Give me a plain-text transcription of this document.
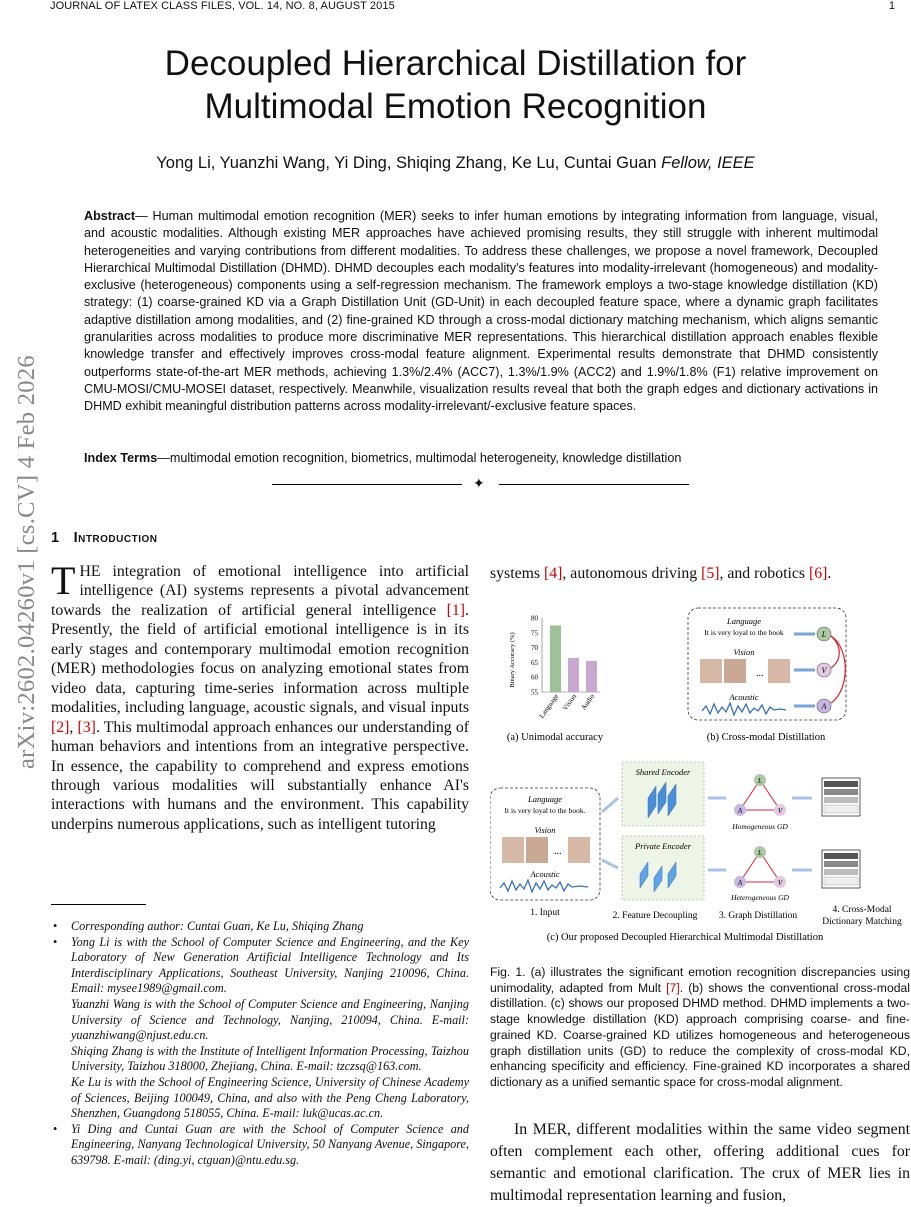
JOURNAL OF LATEX CLASS FILES, VOL. 14, NO. 8, AUGUST 2015	1
Decoupled Hierarchical Distillation for
Multimodal Emotion Recognition
Yong Li, Yuanzhi Wang, Yi Ding, Shiqing Zhang, Ke Lu, Cuntai Guan Fellow, IEEE
Abstract— Human multimodal emotion recognition (MER) seeks to infer human emotions by integrating information from language, visual, and acoustic modalities. Although existing MER approaches have achieved promising results, they still struggle with inherent multimodal heterogeneities and varying contributions from different modalities. To address these challenges, we propose a novel framework, Decoupled Hierarchical Multimodal Distillation (DHMD). DHMD decouples each modality's features into modality-irrelevant (homogeneous) and modality-exclusive (heterogeneous) components using a self-regression mechanism. The framework employs a two-stage knowledge distillation (KD) strategy: (1) coarse-grained KD via a Graph Distillation Unit (GD-Unit) in each decoupled feature space, where a dynamic graph facilitates adaptive distillation among modalities, and (2) fine-grained KD through a cross-modal dictionary matching mechanism, which aligns semantic granularities across modalities to produce more discriminative MER representations. This hierarchical distillation approach enables flexible knowledge transfer and effectively improves cross-modal feature alignment. Experimental results demonstrate that DHMD consistently outperforms state-of-the-art MER methods, achieving 1.3%/2.4% (ACC7), 1.3%/1.9% (ACC2) and 1.9%/1.8% (F1) relative improvement on CMU-MOSI/CMU-MOSEI dataset, respectively. Meanwhile, visualization results reveal that both the graph edges and dictionary activations in DHMD exhibit meaningful distribution patterns across modality-irrelevant/-exclusive feature spaces.
Index Terms—multimodal emotion recognition, biometrics, multimodal heterogeneity, knowledge distillation
✦
arXiv:2602.04260v1 [cs.CV] 4 Feb 2026 1 Introduction
THE integration of emotional intelligence into artificial intelligence (AI) systems represents a pivotal advancement towards the realization of artificial general intelligence [1]. Presently, the field of artificial emotional intelligence is in its early stages and contemporary multimodal emotion recognition (MER) methodologies focus on analyzing emotional states from video data, capturing time-series information across multiple modalities, including language, acoustic signals, and visual inputs [2], [3]. This multimodal approach enhances our understanding of human behaviors and intentions from an integrative perspective. In essence, the capability to comprehend and express emotions through various modalities will substantially enhance AI's interactions with humans and the environment. This capability underpins numerous applications, such as intelligent tutoring
• Corresponding author: Cuntai Guan, Ke Lu, Shiqing Zhang
• Yong Li is with the School of Computer Science and Engineering, and the Key Laboratory of New Generation Artificial Intelligence Technology and Its Interdisciplinary Applications, Southeast University, Nanjing 210096, China. Email: mysee1989@gmail.com.
Yuanzhi Wang is with the School of Computer Science and Engineering, Nanjing University of Science and Technology, Nanjing, 210094, China. E-mail: yuanzhiwang@njust.edu.cn.
Shiqing Zhang is with the Institute of Intelligent Information Processing, Taizhou University, Taizhou 318000, Zhejiang, China. E-mail: tzczsq@163.com.
Ke Lu is with the School of Engineering Science, University of Chinese Academy of Sciences, Beijing 100049, China, and also with the Peng Cheng Laboratory, Shenzhen, Guangdong 518055, China. E-mail: luk@ucas.ac.cn.
• Yi Ding and Cuntai Guan are with the School of Computer Science and Engineering, Nanyang Technological University, 50 Nanyang Avenue, Singapore, 639798. E-mail: (ding.yi, ctguan)@ntu.edu.sg.
systems [4], autonomous driving [5], and robotics [6].
Binary Accuracy (%)
55
60
65
70
75
80
Language Vision Audio
(a) Unimodal accuracy
Language
It is very loyal to the book
Vision
...
Acoustic
L
V
A
(b) Cross-modal Distillation
Language
It is very loyal to the book.
Vision
...
Acoustic
Shared Encoder
Private Encoder
L
A	V
Homogeneous GD
L
A	V
Heterogeneous GD
1. Input	2. Feature Decoupling 3. Graph Distillation
4. Cross-Modal
Dictionary Matching
(c) Our proposed Decoupled Hierarchical Multimodal Distillation
Fig. 1. (a) illustrates the significant emotion recognition discrepancies using unimodality, adapted from Mult [7]. (b) shows the conventional cross-modal distillation. (c) shows our proposed DHMD method. DHMD implements a two-stage knowledge distillation (KD) approach comprising coarse- and fine-grained KD. Coarse-grained KD utilizes homogeneous and heterogeneous graph distillation units (GD) to reduce the complexity of cross-modal KD, enhancing specificity and efficiency. Fine-grained KD incorporates a shared dictionary as a unified semantic space for cross-modal alignment.
In MER, different modalities within the same video segment often complement each other, offering additional cues for semantic and emotional clarification. The crux of MER lies in multimodal representation learning and fusion,
